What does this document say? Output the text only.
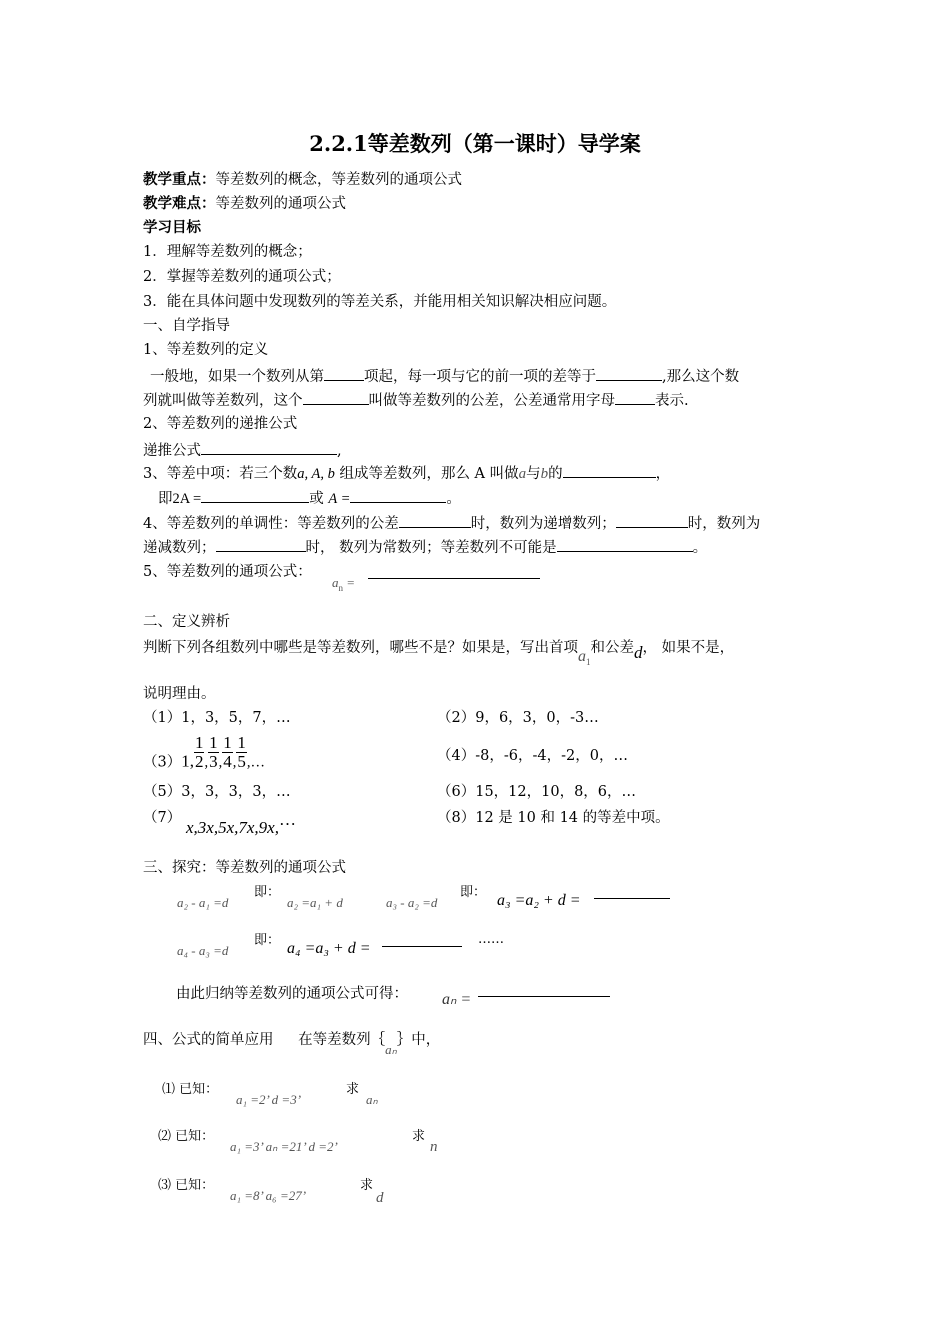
2.2.1等差数列（第一课时）导学案
教学重点：等差数列的概念，等差数列的通项公式
教学难点：等差数列的通项公式
学习目标
1．理解等差数列的概念；
2．掌握等差数列的通项公式；
3．能在具体问题中发现数列的等差关系，并能用相关知识解决相应问题。
一、自学指导
1、等差数列的定义
一般地，如果一个数列从第	项起，每一项与它的前一项的差等于	,那么这个数
列就叫做等差数列，这个	叫做等差数列的公差，公差通常用字母	表示.
2、等差数列的递推公式
递推公式	,
3、等差中项：若三个数a, A, b 组成等差数列，那么 A 叫做a与b的	，
即2A =	或 A =	。
4、等差数列的单调性：等差数列的公差	时，数列为递增数列；	时，数列为
递减数列；	时， 数列为常数列；等差数列不可能是	。
5、等差数列的通项公式：
$a_n$ =
二、定义辨析
判断下列各组数列中哪些是等差数列，哪些不是？如果是，写出首项$a_1$和公差d， 如果不是，
说明理由。
（1）1，3，5，7，…	（2）9，6，3，0，-3…
（3）1, $\frac{1}{2}$ , $\frac{1}{3}$ , $\frac{1}{4}$ , $\frac{1}{5}$ ,…	（4）-8，-6，-4，-2，0，…
（5）3，3，3，3，…	（6）15，12，10，8，6，…
（7） x,3x,5x,7x,9x,…	（8）12 是 10 和 14 的等差中项。
三、探究：等差数列的通项公式
a₂ - a₁ =d
即：
a₂ =a₁ + d	a₃ - a₂ =d
即： a₃ =a₂ + d =
a₄ - a₃ =d
即： a₄ =a₃ + d =
……
由此归纳等差数列的通项公式可得： aₙ =
四、公式的简单应用 在等差数列｛aₙ｝中，
⑴ 已知：
a₁ =2’ d =3’
求
aₙ
⑵ 已知：
a₁ =3’ aₙ =21’ d =2’
求
n
⑶ 已知：
a₁ =8’ a₆ =27’
求
d
